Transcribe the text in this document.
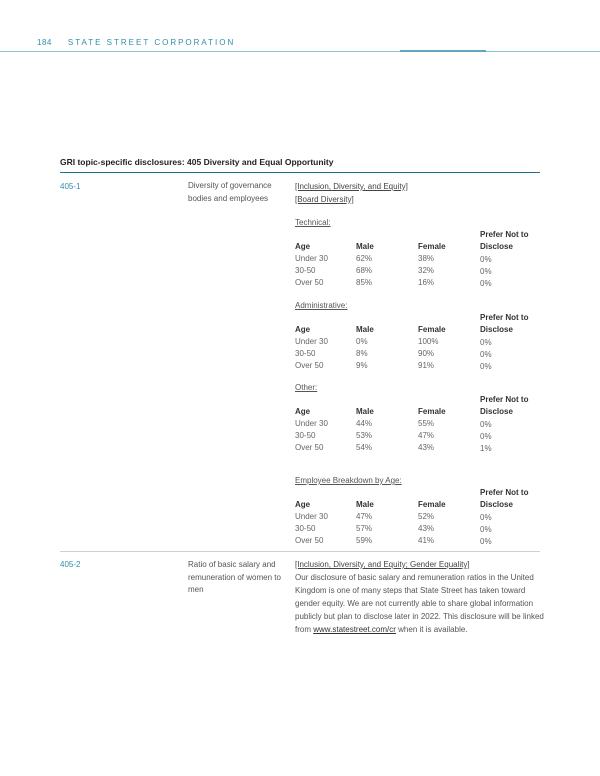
184 STATE STREET CORPORATION
GRI topic-specific disclosures: 405 Diversity and Equal Opportunity
405-1	Diversity of governance bodies and employees
[Inclusion, Diversity, and Equity]
[Board Diversity]
Technical:
Prefer Not to
Age	Male	Female	Disclose
Under 30	62%	38%	0%
30-50	68%	32%	0%
Over 50	85%	16%	0%
Administrative:
Prefer Not to
Age	Male	Female	Disclose
Under 30	0%	100%	0%
30-50	8%	90%	0%
Over 50	9%	91%	0%
Other:
Prefer Not to
Age	Male	Female	Disclose
Under 30	44%	55%	0%
30-50	53%	47%	0%
Over 50	54%	43%	1%
Employee Breakdown by Age:
Prefer Not to
Age	Male	Female	Disclose
Under 30	47%	52%	0%
30-50	57%	43%	0%
Over 50	59%	41%	0%
405-2	Ratio of basic salary and remuneration of women to men
[Inclusion, Diversity, and Equity; Gender Equality]
Our disclosure of basic salary and remuneration ratios in the United Kingdom is one of many steps that State Street has taken toward gender equity. We are not currently able to share global information publicly but plan to disclose later in 2022. This disclosure will be linked from www.statestreet.com/cr when it is available.
